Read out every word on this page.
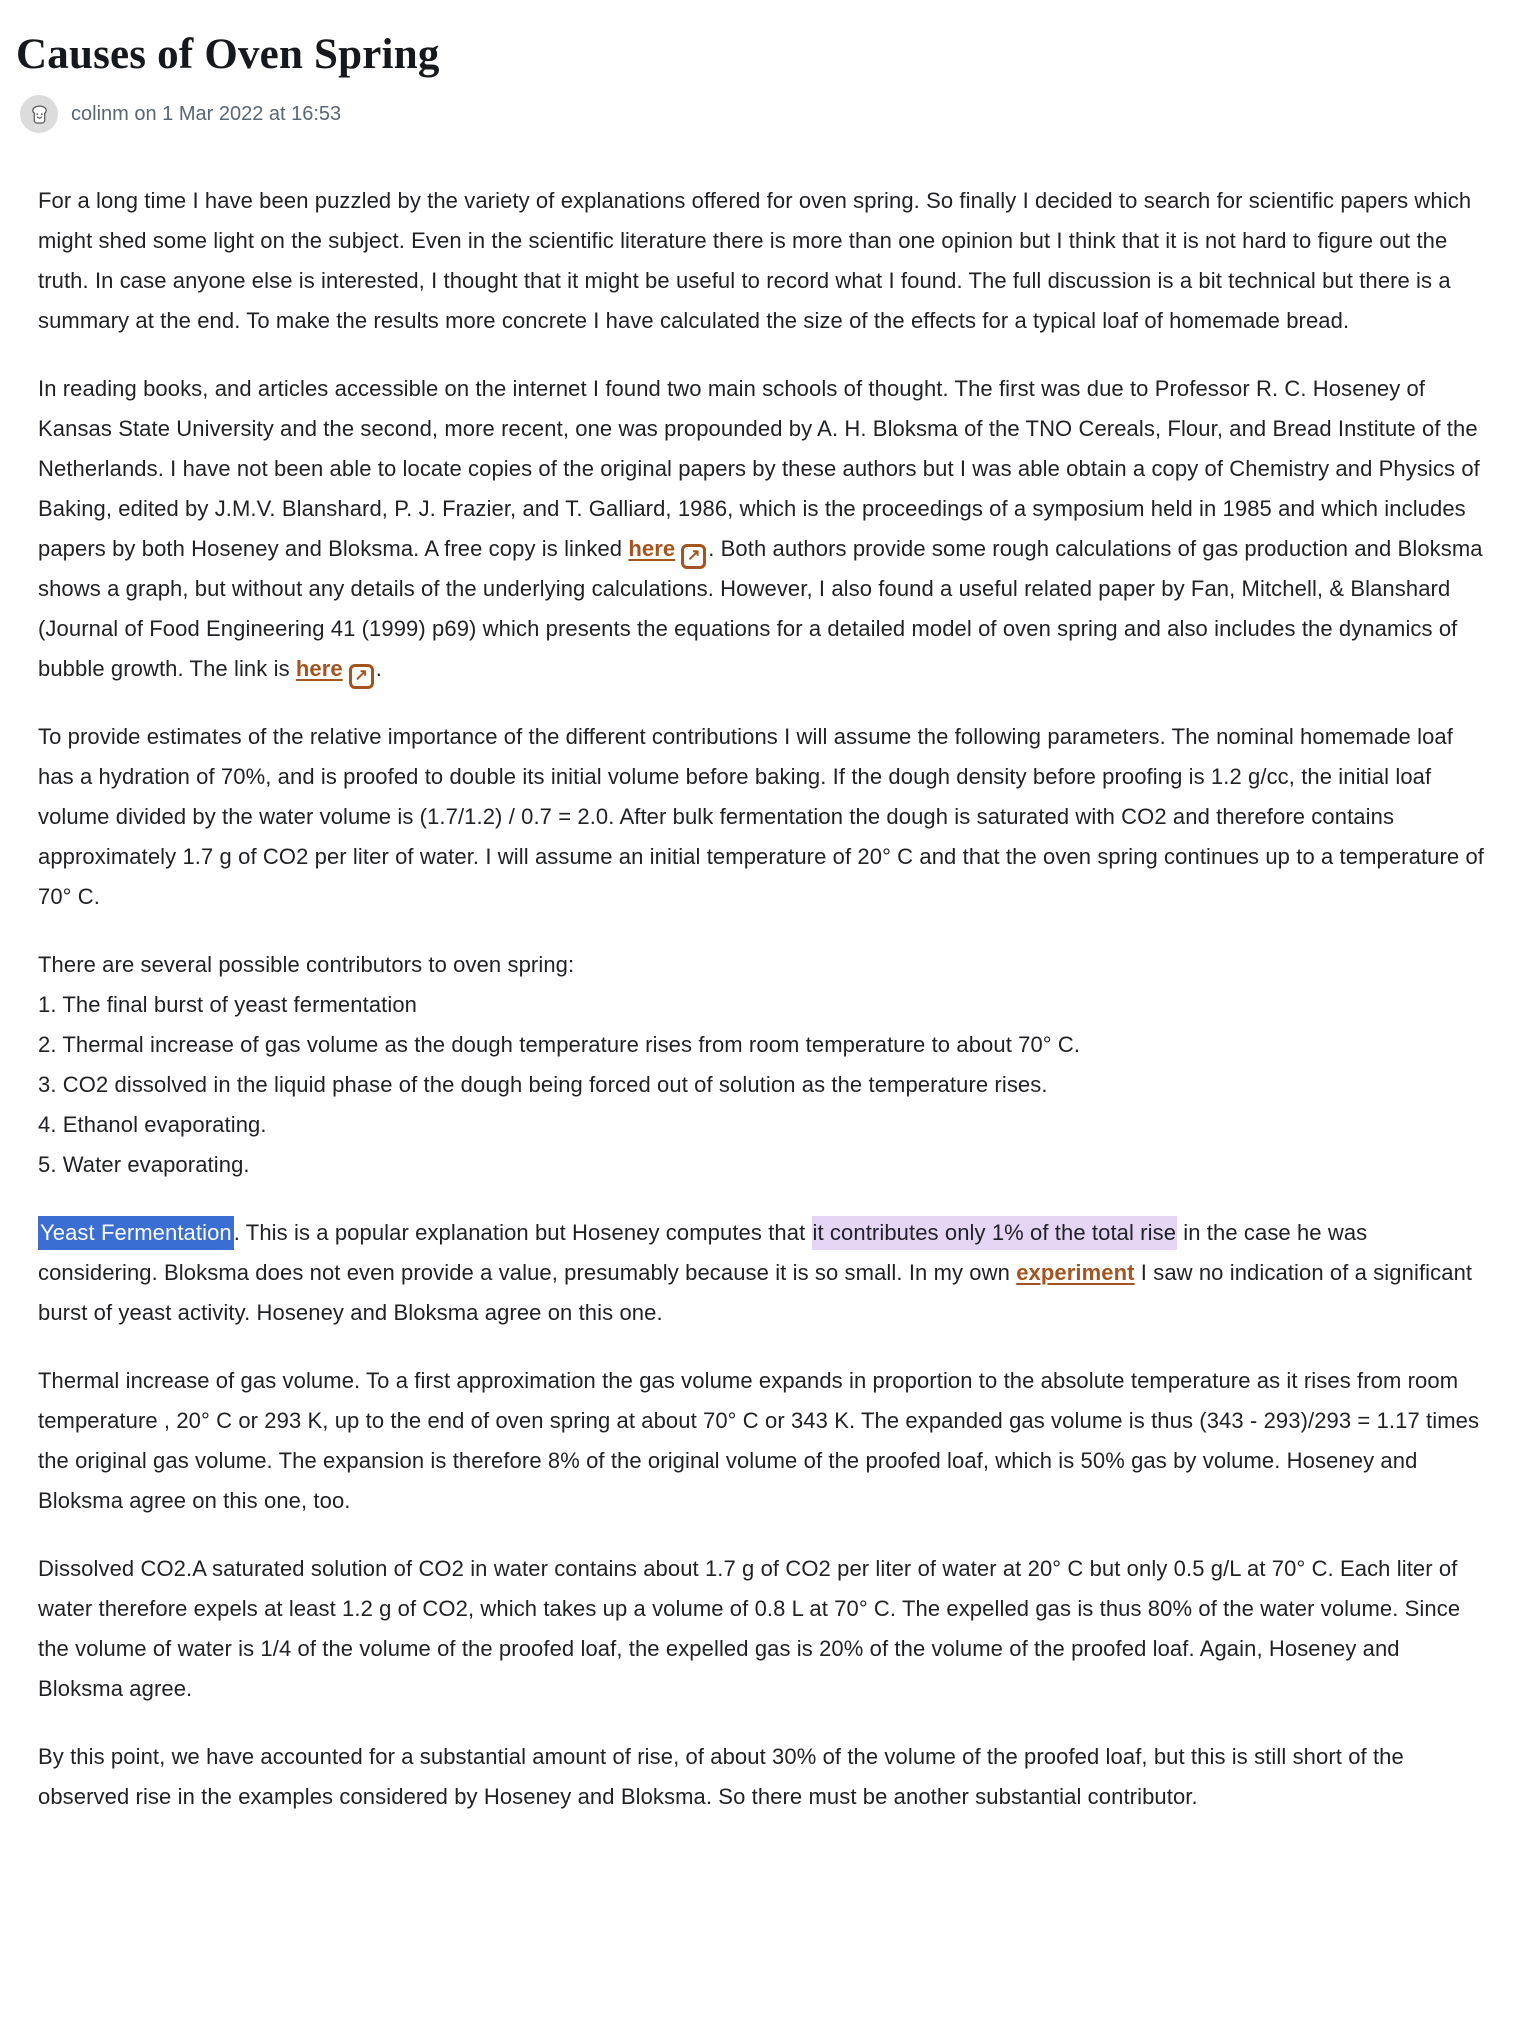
Causes of Oven Spring
colinm on 1 Mar 2022 at 16:53
For a long time I have been puzzled by the variety of explanations offered for oven spring. So finally I decided to search for scientific papers which might shed some light on the subject. Even in the scientific literature there is more than one opinion but I think that it is not hard to figure out the truth. In case anyone else is interested, I thought that it might be useful to record what I found. The full discussion is a bit technical but there is a summary at the end. To make the results more concrete I have calculated the size of the effects for a typical loaf of homemade bread.
In reading books, and articles accessible on the internet I found two main schools of thought. The first was due to Professor R. C. Hoseney of Kansas State University and the second, more recent, one was propounded by A. H. Bloksma of the TNO Cereals, Flour, and Bread Institute of the Netherlands. I have not been able to locate copies of the original papers by these authors but I was able obtain a copy of Chemistry and Physics of Baking, edited by J.M.V. Blanshard, P. J. Frazier, and T. Galliard, 1986, which is the proceedings of a symposium held in 1985 and which includes papers by both Hoseney and Bloksma. A free copy is linked here ↗ . Both authors provide some rough calculations of gas production and Bloksma shows a graph, but without any details of the underlying calculations. However, I also found a useful related paper by Fan, Mitchell, & Blanshard (Journal of Food Engineering 41 (1999) p69) which presents the equations for a detailed model of oven spring and also includes the dynamics of bubble growth. The link is here ↗ .
To provide estimates of the relative importance of the different contributions I will assume the following parameters. The nominal homemade loaf has a hydration of 70%, and is proofed to double its initial volume before baking. If the dough density before proofing is 1.2 g/cc, the initial loaf volume divided by the water volume is (1.7/1.2) / 0.7 = 2.0. After bulk fermentation the dough is saturated with CO2 and therefore contains approximately 1.7 g of CO2 per liter of water. I will assume an initial temperature of 20° C and that the oven spring continues up to a temperature of 70° C.
There are several possible contributors to oven spring:
1. The final burst of yeast fermentation
2. Thermal increase of gas volume as the dough temperature rises from room temperature to about 70° C.
3. CO2 dissolved in the liquid phase of the dough being forced out of solution as the temperature rises.
4. Ethanol evaporating.
5. Water evaporating.
Yeast Fermentation. This is a popular explanation but Hoseney computes that it contributes only 1% of the total rise in the case he was considering. Bloksma does not even provide a value, presumably because it is so small. In my own experiment I saw no indication of a significant burst of yeast activity. Hoseney and Bloksma agree on this one.
Thermal increase of gas volume. To a first approximation the gas volume expands in proportion to the absolute temperature as it rises from room temperature , 20° C or 293 K, up to the end of oven spring at about 70° C or 343 K. The expanded gas volume is thus (343 - 293)/293 = 1.17 times the original gas volume. The expansion is therefore 8% of the original volume of the proofed loaf, which is 50% gas by volume. Hoseney and Bloksma agree on this one, too.
Dissolved CO2.A saturated solution of CO2 in water contains about 1.7 g of CO2 per liter of water at 20° C but only 0.5 g/L at 70° C. Each liter of water therefore expels at least 1.2 g of CO2, which takes up a volume of 0.8 L at 70° C. The expelled gas is thus 80% of the water volume. Since the volume of water is 1/4 of the volume of the proofed loaf, the expelled gas is 20% of the volume of the proofed loaf. Again, Hoseney and Bloksma agree.
By this point, we have accounted for a substantial amount of rise, of about 30% of the volume of the proofed loaf, but this is still short of the observed rise in the examples considered by Hoseney and Bloksma. So there must be another substantial contributor.
